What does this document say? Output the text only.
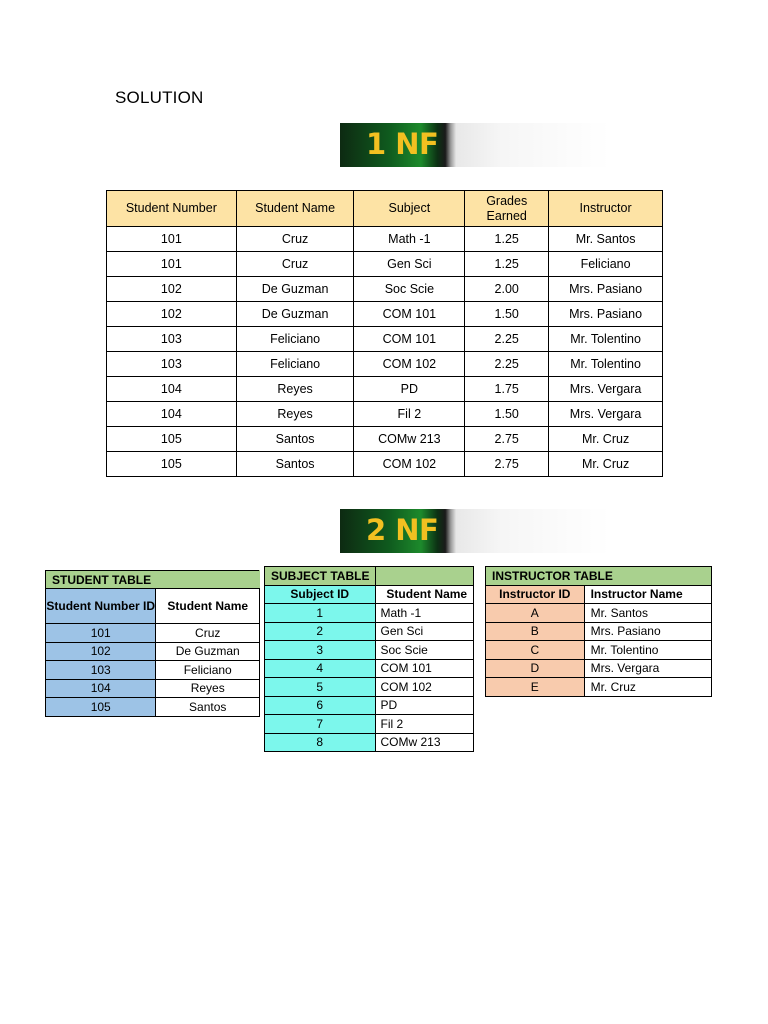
SOLUTION
1 NF
Student Number	Student Name	Subject	Grades Earned	Instructor
101	Cruz	Math -1	1.25	Mr. Santos
101	Cruz	Gen Sci	1.25	Feliciano
102	De Guzman	Soc Scie	2.00	Mrs. Pasiano
102	De Guzman	COM 101	1.50	Mrs. Pasiano
103	Feliciano	COM 101	2.25	Mr. Tolentino
103	Feliciano	COM 102	2.25	Mr. Tolentino
104	Reyes	PD	1.75	Mrs. Vergara
104	Reyes	Fil 2	1.50	Mrs. Vergara
105	Santos	COMw 213	2.75	Mr. Cruz
105	Santos	COM 102	2.75	Mr. Cruz
2 NF
STUDENT TABLE	
Student Number ID	Student Name
101	Cruz
102	De Guzman
103	Feliciano
104	Reyes
105	Santos
SUBJECT TABLE	
Subject ID	Student Name
1	Math -1
2	Gen Sci
3	Soc Scie
4	COM 101
5	COM 102
6	PD
7	Fil 2
8	COMw 213
INSTRUCTOR TABLE	
Instructor ID	Instructor Name
A	Mr. Santos
B	Mrs. Pasiano
C	Mr. Tolentino
D	Mrs. Vergara
E	Mr. Cruz
